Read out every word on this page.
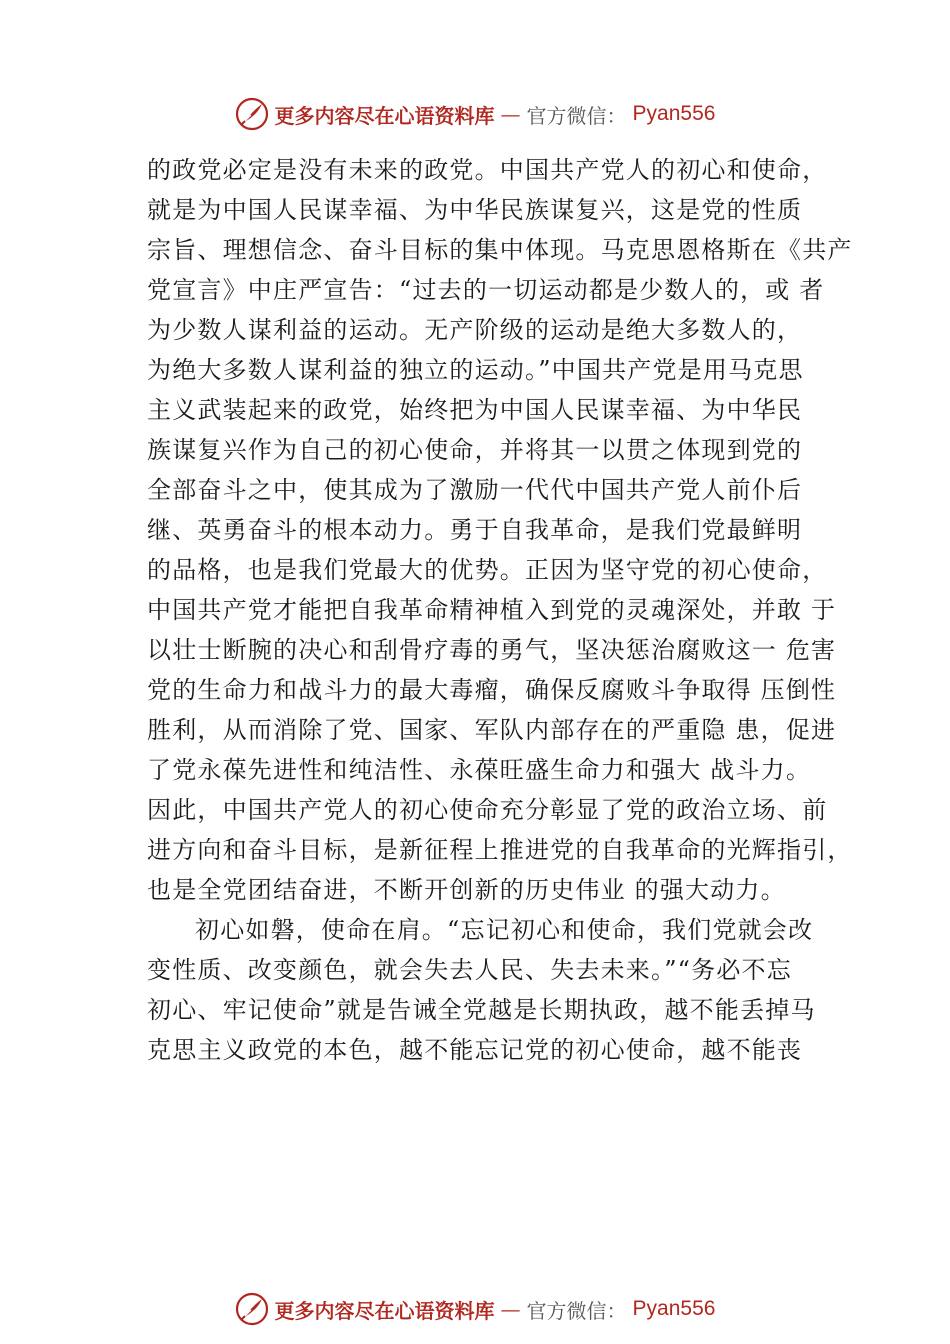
更多内容尽在心语资料库 — 官方微信： Pyan556
的政党必定是没有未来的政党。中国共产党人的初心和使命，
就是为中国人民谋幸福、为中华民族谋复兴，这是党的性质
宗旨、理想信念、奋斗目标的集中体现。马克思恩格斯在《共产
党宣言》中庄严宣告：“过去的一切运动都是少数人的，或 者
为少数人谋利益的运动。无产阶级的运动是绝大多数人的，
为绝大多数人谋利益的独立的运动。”中国共产党是用马克思
主义武装起来的政党，始终把为中国人民谋幸福、为中华民
族谋复兴作为自己的初心使命，并将其一以贯之体现到党的
全部奋斗之中，使其成为了激励一代代中国共产党人前仆后
继、英勇奋斗的根本动力。勇于自我革命，是我们党最鲜明
的品格，也是我们党最大的优势。正因为坚守党的初心使命，
中国共产党才能把自我革命精神植入到党的灵魂深处，并敢 于
以壮士断腕的决心和刮骨疗毒的勇气，坚决惩治腐败这一 危害
党的生命力和战斗力的最大毒瘤，确保反腐败斗争取得 压倒性
胜利，从而消除了党、国家、军队内部存在的严重隐 患，促进
了党永葆先进性和纯洁性、永葆旺盛生命力和强大 战斗力。
因此，中国共产党人的初心使命充分彰显了党的政治立场、前
进方向和奋斗目标，是新征程上推进党的自我革命的光辉指引，
也是全党团结奋进，不断开创新的历史伟业 的强大动力。
初心如磐，使命在肩。“忘记初心和使命，我们党就会改
变性质、改变颜色，就会失去人民、失去未来。”“务必不忘
初心、牢记使命”就是告诫全党越是长期执政，越不能丢掉马
克思主义政党的本色，越不能忘记党的初心使命，越不能丧
更多内容尽在心语资料库 — 官方微信： Pyan556
